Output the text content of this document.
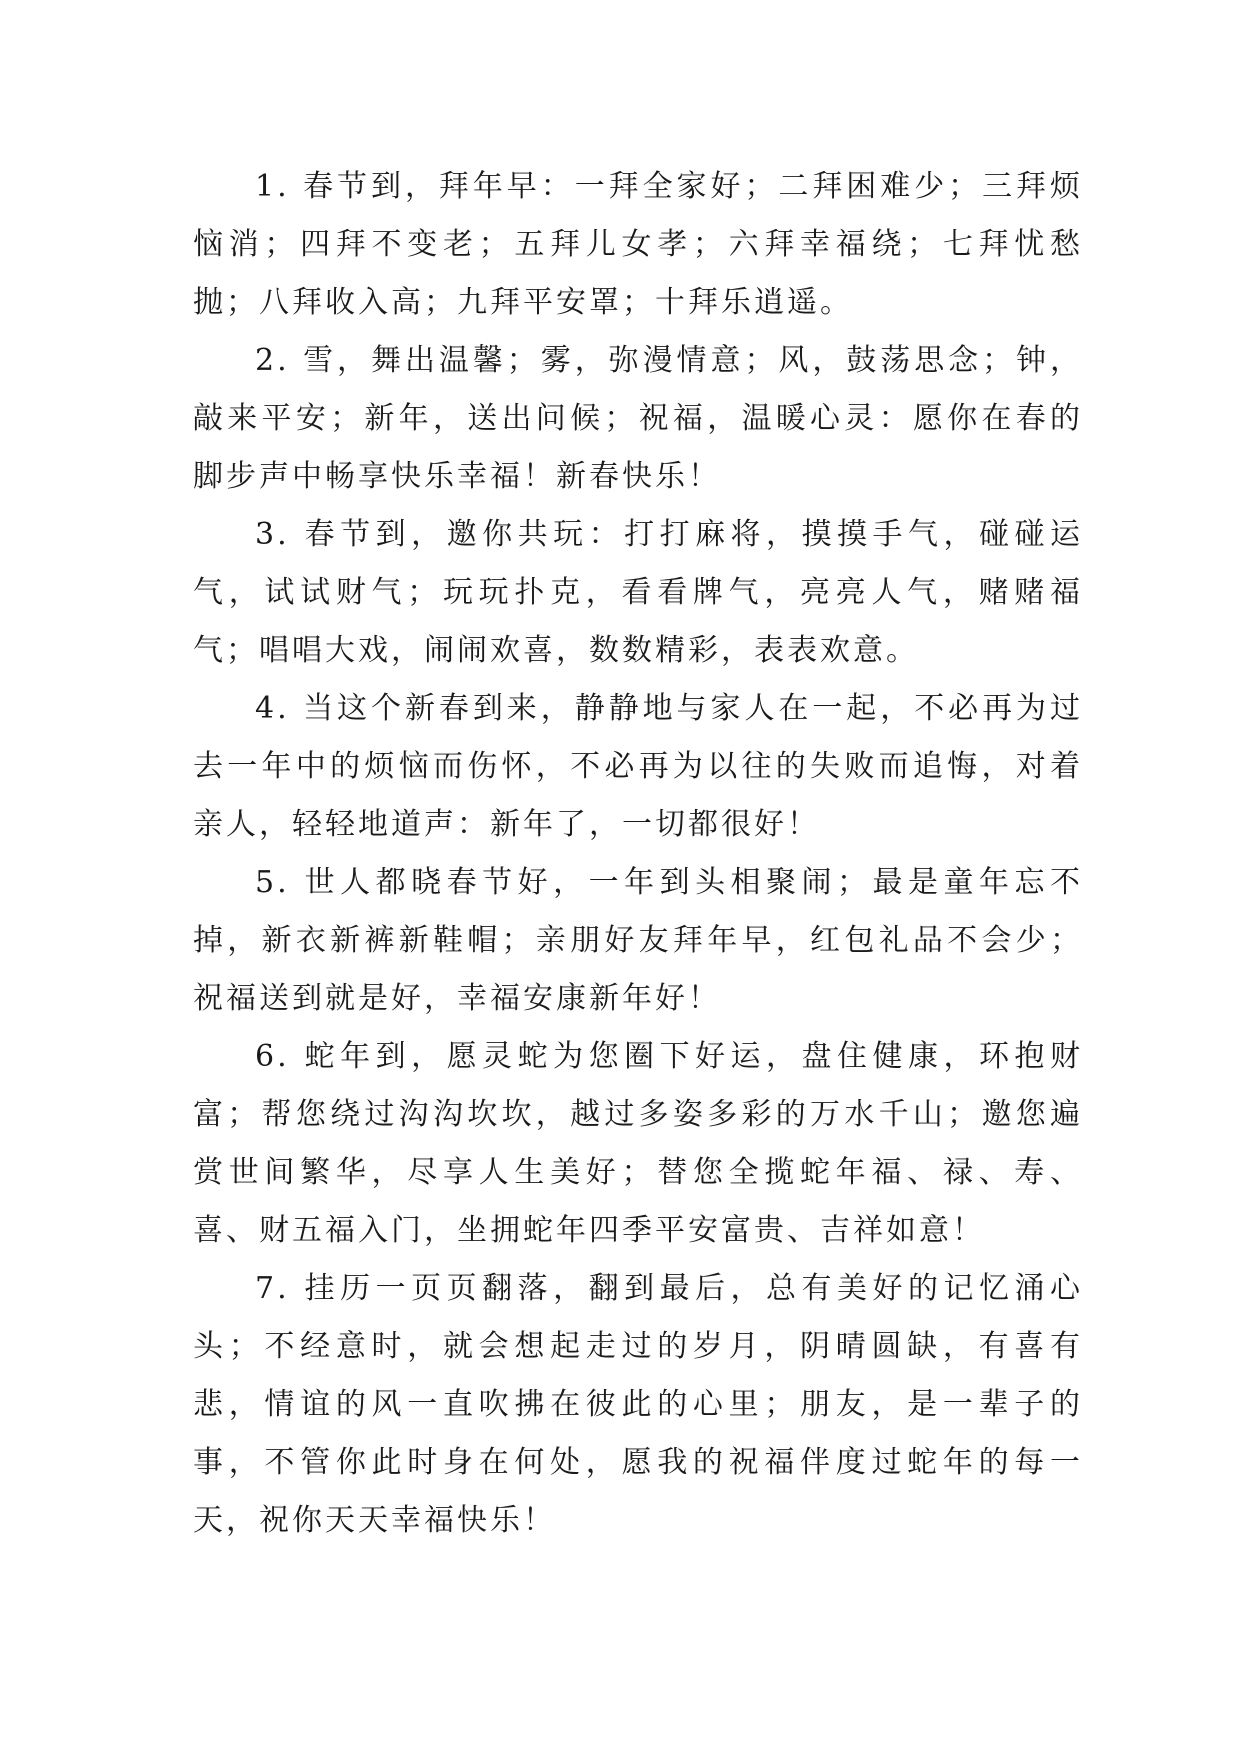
1. 春节到，拜年早：一拜全家好；二拜困难少；三拜烦恼消；四拜不变老；五拜儿女孝；六拜幸福绕；七拜忧愁抛；八拜收入高；九拜平安罩；十拜乐逍遥。

2. 雪，舞出温馨；雾，弥漫情意；风，鼓荡思念；钟，敲来平安；新年，送出问候；祝福，温暖心灵：愿你在春的脚步声中畅享快乐幸福！新春快乐！

3. 春节到，邀你共玩：打打麻将，摸摸手气，碰碰运气，试试财气；玩玩扑克，看看牌气，亮亮人气，赌赌福气；唱唱大戏，闹闹欢喜，数数精彩，表表欢意。

4. 当这个新春到来，静静地与家人在一起，不必再为过去一年中的烦恼而伤怀，不必再为以往的失败而追悔，对着亲人，轻轻地道声：新年了，一切都很好！

5. 世人都晓春节好，一年到头相聚闹；最是童年忘不掉，新衣新裤新鞋帽；亲朋好友拜年早，红包礼品不会少；祝福送到就是好，幸福安康新年好！

6. 蛇年到，愿灵蛇为您圈下好运，盘住健康，环抱财富；帮您绕过沟沟坎坎，越过多姿多彩的万水千山；邀您遍赏世间繁华，尽享人生美好；替您全揽蛇年福、禄、寿、喜、财五福入门，坐拥蛇年四季平安富贵、吉祥如意！

7. 挂历一页页翻落，翻到最后，总有美好的记忆涌心头；不经意时，就会想起走过的岁月，阴晴圆缺，有喜有悲，情谊的风一直吹拂在彼此的心里；朋友，是一辈子的事，不管你此时身在何处，愿我的祝福伴度过蛇年的每一天，祝你天天幸福快乐！
